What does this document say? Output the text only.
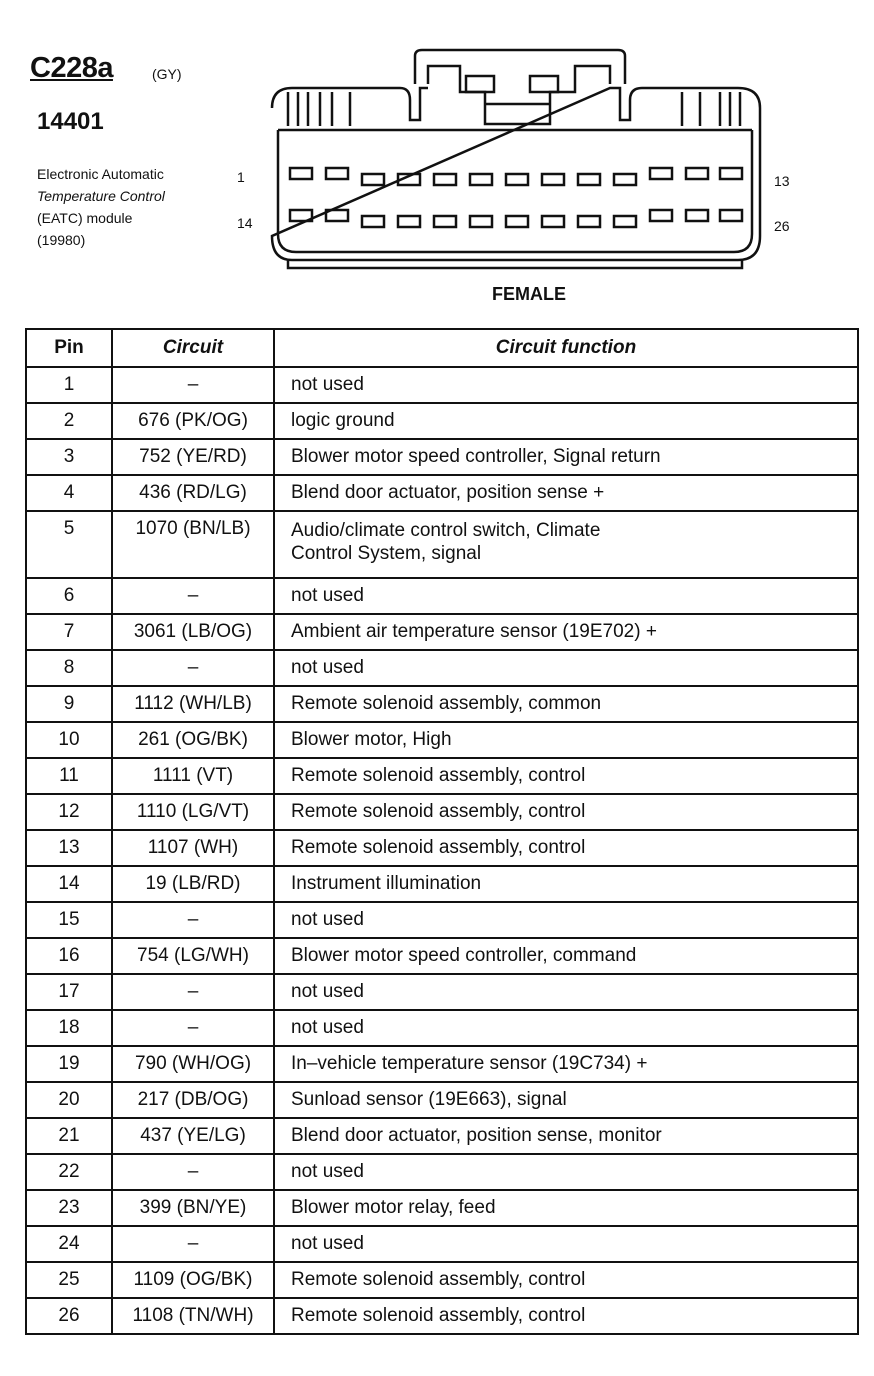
C228a	(GY)
14401
Electronic Automatic
Temperature Control
(EATC) module
(19980)
1	13
14	26
FEMALE
Pin	Circuit	Circuit function
1	–	not used

2	676 (PK/OG)	logic ground

3	752 (YE/RD)	Blower motor speed controller, Signal return

4	436 (RD/LG)	Blend door actuator, position sense +

5	1070 (BN/LB)	Audio/climate control switch, Climate
Control System, signal

6	–	not used

7	3061 (LB/OG)	Ambient air temperature sensor (19E702) +

8	–	not used

9	1112 (WH/LB)	Remote solenoid assembly, common

10	261 (OG/BK)	Blower motor, High

11	1111 (VT)	Remote solenoid assembly, control

12	1110 (LG/VT)	Remote solenoid assembly, control

13	1107 (WH)	Remote solenoid assembly, control

14	19 (LB/RD)	Instrument illumination

15	–	not used

16	754 (LG/WH)	Blower motor speed controller, command

17	–	not used

18	–	not used

19	790 (WH/OG)	In–vehicle temperature sensor (19C734) +

20	217 (DB/OG)	Sunload sensor (19E663), signal

21	437 (YE/LG)	Blend door actuator, position sense, monitor

22	–	not used

23	399 (BN/YE)	Blower motor relay, feed

24	–	not used

25	1109 (OG/BK)	Remote solenoid assembly, control

26	1108 (TN/WH)	Remote solenoid assembly, control
